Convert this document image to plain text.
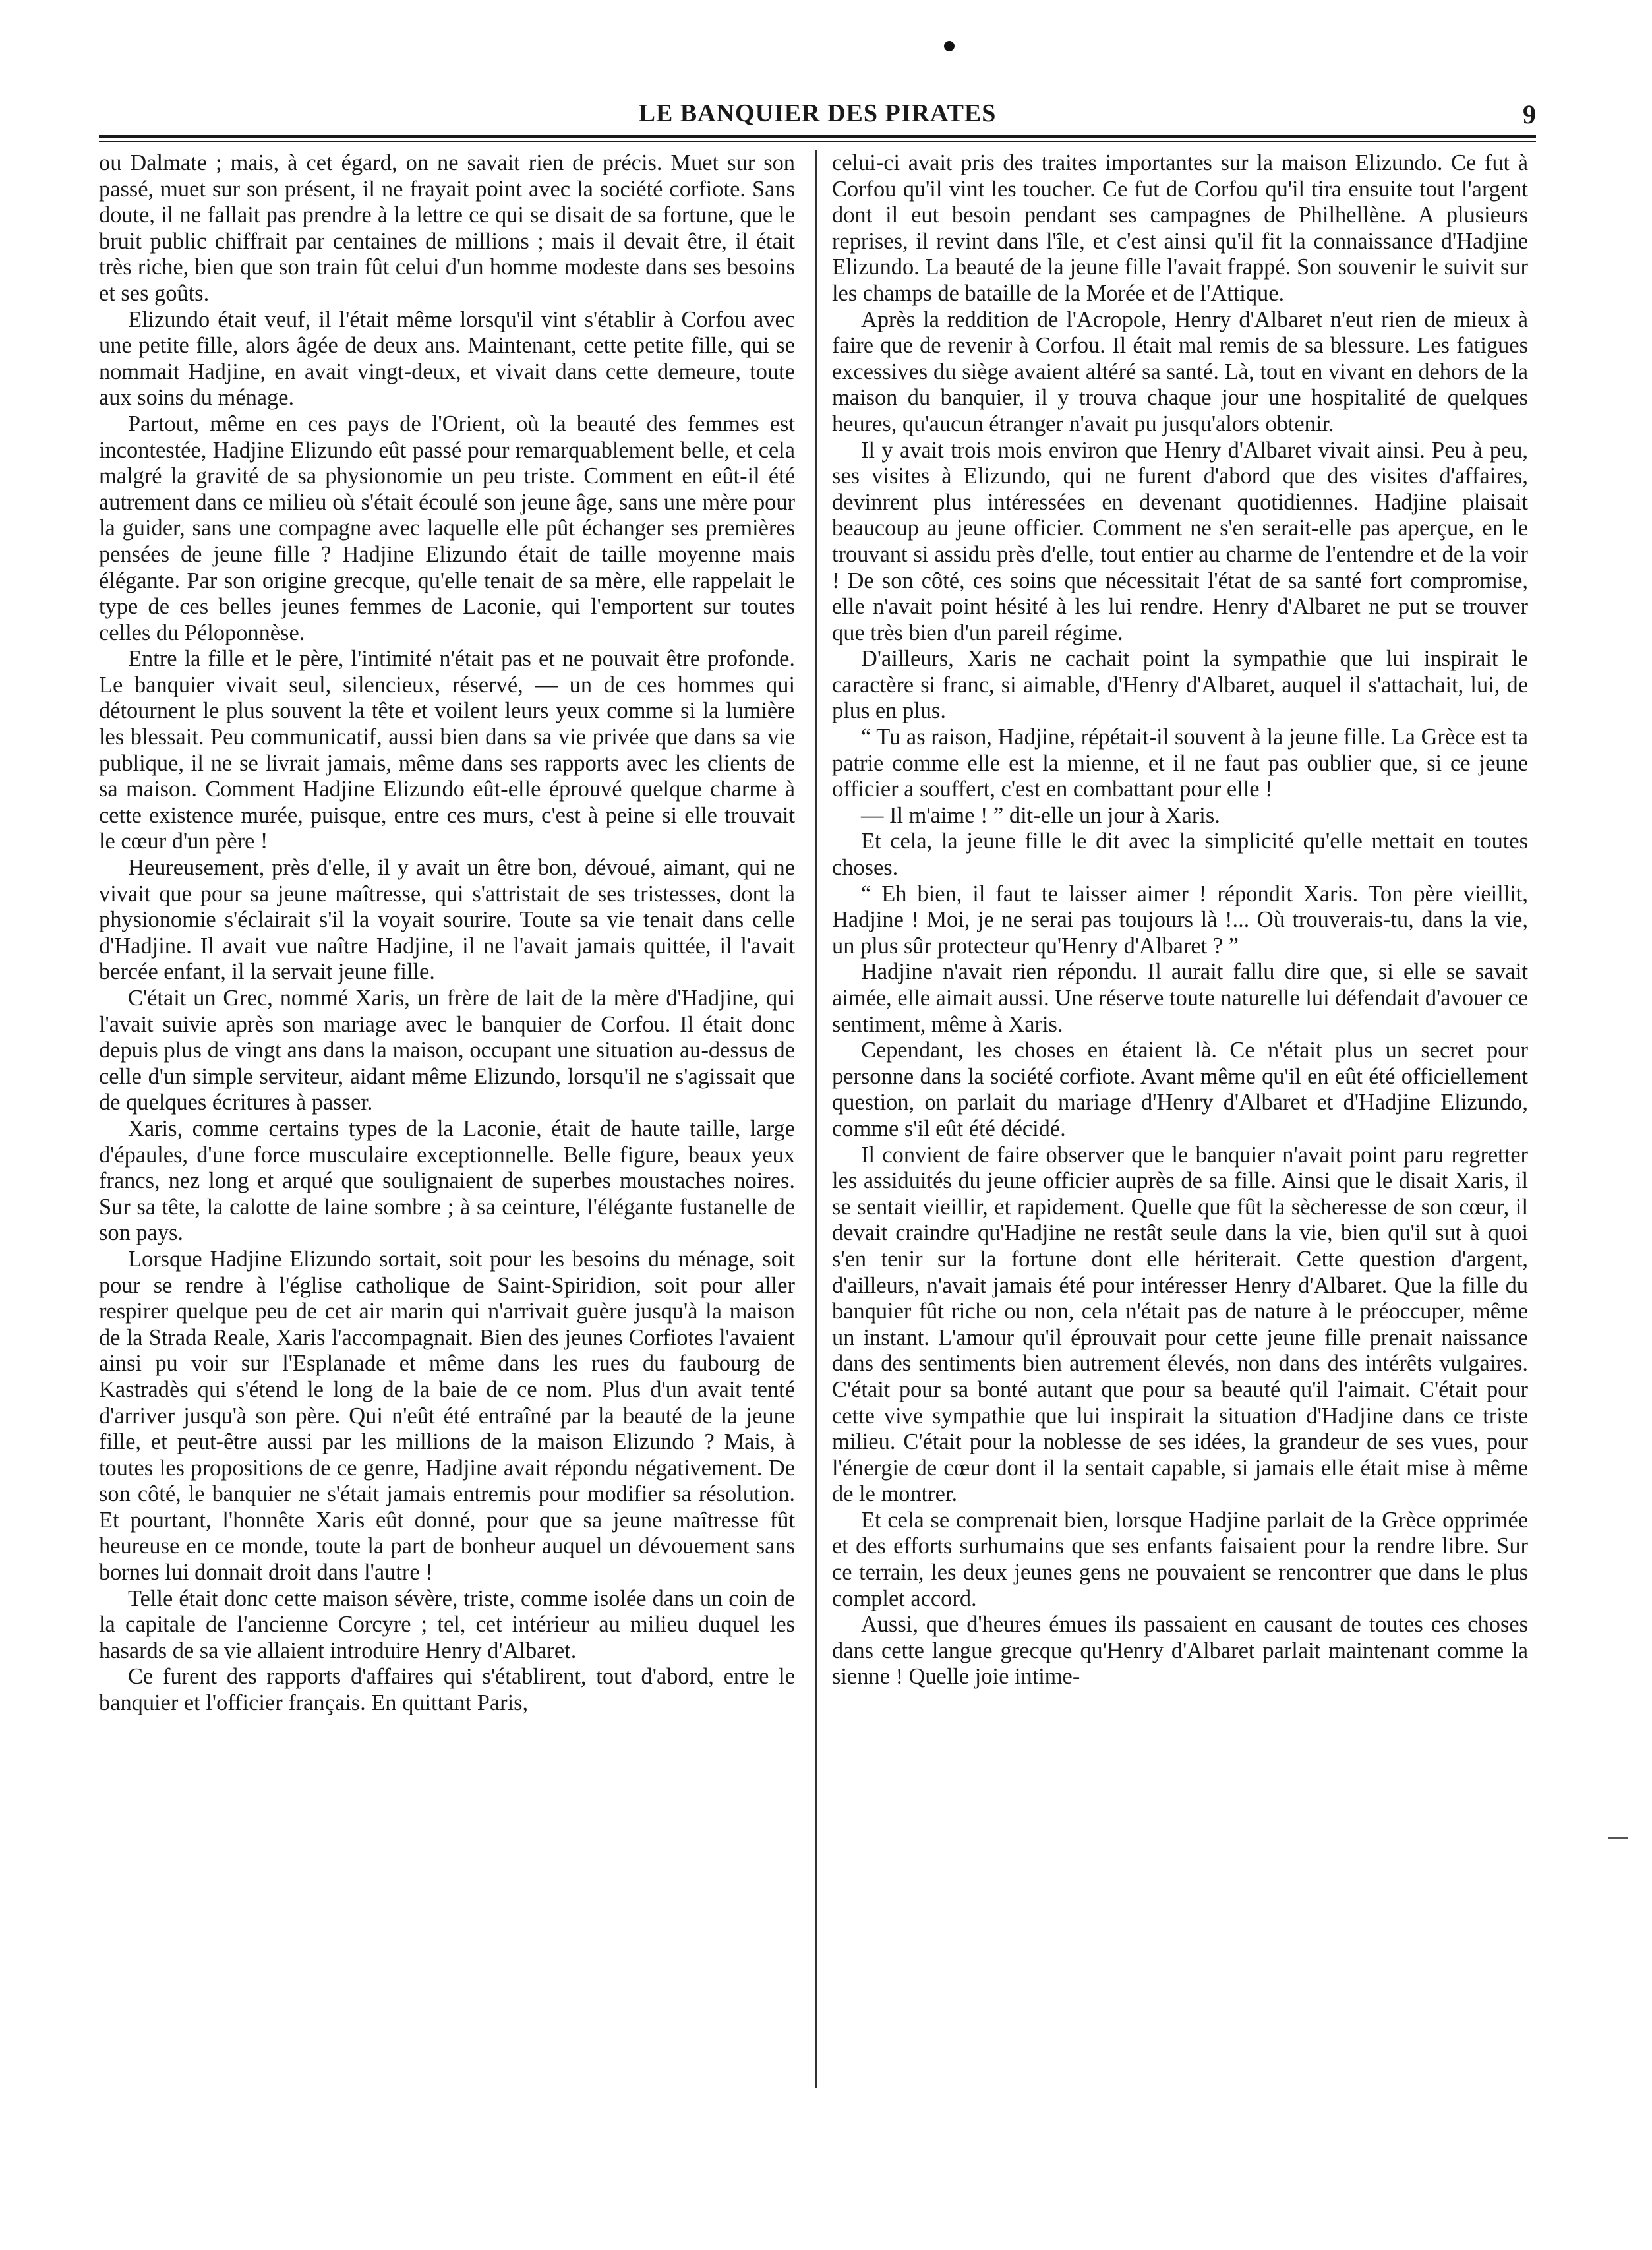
LE BANQUIER DES PIRATES	9

ou Dalmate ; mais, à cet égard, on ne savait rien de précis. Muet sur son passé, muet sur son présent, il ne frayait point avec la société corfiote. Sans doute, il ne fallait pas prendre à la lettre ce qui se disait de sa fortune, que le bruit public chiffrait par centaines de millions ; mais il devait être, il était très riche, bien que son train fût celui d'un homme modeste dans ses besoins et ses goûts.

Elizundo était veuf, il l'était même lorsqu'il vint s'établir à Corfou avec une petite fille, alors âgée de deux ans. Maintenant, cette petite fille, qui se nommait Hadjine, en avait vingt-deux, et vivait dans cette demeure, toute aux soins du ménage.

Partout, même en ces pays de l'Orient, où la beauté des femmes est incontestée, Hadjine Elizundo eût passé pour remarquablement belle, et cela malgré la gravité de sa physionomie un peu triste. Comment en eût-il été autrement dans ce milieu où s'était écoulé son jeune âge, sans une mère pour la guider, sans une compagne avec laquelle elle pût échanger ses premières pensées de jeune fille ? Hadjine Elizundo était de taille moyenne mais élégante. Par son origine grecque, qu'elle tenait de sa mère, elle rappelait le type de ces belles jeunes femmes de Laconie, qui l'emportent sur toutes celles du Péloponnèse.

Entre la fille et le père, l'intimité n'était pas et ne pouvait être profonde. Le banquier vivait seul, silencieux, réservé, — un de ces hommes qui détournent le plus souvent la tête et voilent leurs yeux comme si la lumière les blessait. Peu communicatif, aussi bien dans sa vie privée que dans sa vie publique, il ne se livrait jamais, même dans ses rapports avec les clients de sa maison. Comment Hadjine Elizundo eût-elle éprouvé quelque charme à cette existence murée, puisque, entre ces murs, c'est à peine si elle trouvait le cœur d'un père !

Heureusement, près d'elle, il y avait un être bon, dévoué, aimant, qui ne vivait que pour sa jeune maîtresse, qui s'attristait de ses tristesses, dont la physionomie s'éclairait s'il la voyait sourire. Toute sa vie tenait dans celle d'Hadjine. Il avait vue naître Hadjine, il ne l'avait jamais quittée, il l'avait bercée enfant, il la servait jeune fille.

C'était un Grec, nommé Xaris, un frère de lait de la mère d'Hadjine, qui l'avait suivie après son mariage avec le banquier de Corfou. Il était donc depuis plus de vingt ans dans la maison, occupant une situation au-dessus de celle d'un simple serviteur, aidant même Elizundo, lorsqu'il ne s'agissait que de quelques écritures à passer.

Xaris, comme certains types de la Laconie, était de haute taille, large d'épaules, d'une force musculaire exceptionnelle. Belle figure, beaux yeux francs, nez long et arqué que soulignaient de superbes moustaches noires. Sur sa tête, la calotte de laine sombre ; à sa ceinture, l'élégante fustanelle de son pays.

Lorsque Hadjine Elizundo sortait, soit pour les besoins du ménage, soit pour se rendre à l'église catholique de Saint-Spiridion, soit pour aller respirer quelque peu de cet air marin qui n'arrivait guère jusqu'à la maison de la Strada Reale, Xaris l'accompagnait. Bien des jeunes Corfiotes l'avaient ainsi pu voir sur l'Esplanade et même dans les rues du faubourg de Kastradès qui s'étend le long de la baie de ce nom. Plus d'un avait tenté d'arriver jusqu'à son père. Qui n'eût été entraîné par la beauté de la jeune fille, et peut-être aussi par les millions de la maison Elizundo ? Mais, à toutes les propositions de ce genre, Hadjine avait répondu négativement. De son côté, le banquier ne s'était jamais entremis pour modifier sa résolution. Et pourtant, l'honnête Xaris eût donné, pour que sa jeune maîtresse fût heureuse en ce monde, toute la part de bonheur auquel un dévouement sans bornes lui donnait droit dans l'autre !

Telle était donc cette maison sévère, triste, comme isolée dans un coin de la capitale de l'ancienne Corcyre ; tel, cet intérieur au milieu duquel les hasards de sa vie allaient introduire Henry d'Albaret.

Ce furent des rapports d'affaires qui s'établirent, tout d'abord, entre le banquier et l'officier français. En quittant Paris,

celui-ci avait pris des traites importantes sur la maison Elizundo. Ce fut à Corfou qu'il vint les toucher. Ce fut de Corfou qu'il tira ensuite tout l'argent dont il eut besoin pendant ses campagnes de Philhellène. A plusieurs reprises, il revint dans l'île, et c'est ainsi qu'il fit la connaissance d'Hadjine Elizundo. La beauté de la jeune fille l'avait frappé. Son souvenir le suivit sur les champs de bataille de la Morée et de l'Attique.

Après la reddition de l'Acropole, Henry d'Albaret n'eut rien de mieux à faire que de revenir à Corfou. Il était mal remis de sa blessure. Les fatigues excessives du siège avaient altéré sa santé. Là, tout en vivant en dehors de la maison du banquier, il y trouva chaque jour une hospitalité de quelques heures, qu'aucun étranger n'avait pu jusqu'alors obtenir.

Il y avait trois mois environ que Henry d'Albaret vivait ainsi. Peu à peu, ses visites à Elizundo, qui ne furent d'abord que des visites d'affaires, devinrent plus intéressées en devenant quotidiennes. Hadjine plaisait beaucoup au jeune officier. Comment ne s'en serait-elle pas aperçue, en le trouvant si assidu près d'elle, tout entier au charme de l'entendre et de la voir ! De son côté, ces soins que nécessitait l'état de sa santé fort compromise, elle n'avait point hésité à les lui rendre. Henry d'Albaret ne put se trouver que très bien d'un pareil régime.

D'ailleurs, Xaris ne cachait point la sympathie que lui inspirait le caractère si franc, si aimable, d'Henry d'Albaret, auquel il s'attachait, lui, de plus en plus.

“ Tu as raison, Hadjine, répétait-il souvent à la jeune fille. La Grèce est ta patrie comme elle est la mienne, et il ne faut pas oublier que, si ce jeune officier a souffert, c'est en combattant pour elle !

— Il m'aime ! ” dit-elle un jour à Xaris.

Et cela, la jeune fille le dit avec la simplicité qu'elle mettait en toutes choses.

“ Eh bien, il faut te laisser aimer ! répondit Xaris. Ton père vieillit, Hadjine ! Moi, je ne serai pas toujours là !... Où trouverais-tu, dans la vie, un plus sûr protecteur qu'Henry d'Albaret ? ”

Hadjine n'avait rien répondu. Il aurait fallu dire que, si elle se savait aimée, elle aimait aussi. Une réserve toute naturelle lui défendait d'avouer ce sentiment, même à Xaris.

Cependant, les choses en étaient là. Ce n'était plus un secret pour personne dans la société corfiote. Avant même qu'il en eût été officiellement question, on parlait du mariage d'Henry d'Albaret et d'Hadjine Elizundo, comme s'il eût été décidé.

Il convient de faire observer que le banquier n'avait point paru regretter les assiduités du jeune officier auprès de sa fille. Ainsi que le disait Xaris, il se sentait vieillir, et rapidement. Quelle que fût la sècheresse de son cœur, il devait craindre qu'Hadjine ne restât seule dans la vie, bien qu'il sut à quoi s'en tenir sur la fortune dont elle hériterait. Cette question d'argent, d'ailleurs, n'avait jamais été pour intéresser Henry d'Albaret. Que la fille du banquier fût riche ou non, cela n'était pas de nature à le préoccuper, même un instant. L'amour qu'il éprouvait pour cette jeune fille prenait naissance dans des sentiments bien autrement élevés, non dans des intérêts vulgaires. C'était pour sa bonté autant que pour sa beauté qu'il l'aimait. C'était pour cette vive sympathie que lui inspirait la situation d'Hadjine dans ce triste milieu. C'était pour la noblesse de ses idées, la grandeur de ses vues, pour l'énergie de cœur dont il la sentait capable, si jamais elle était mise à même de le montrer.

Et cela se comprenait bien, lorsque Hadjine parlait de la Grèce opprimée et des efforts surhumains que ses enfants faisaient pour la rendre libre. Sur ce terrain, les deux jeunes gens ne pouvaient se rencontrer que dans le plus complet accord.

Aussi, que d'heures émues ils passaient en causant de toutes ces choses dans cette langue grecque qu'Henry d'Albaret parlait maintenant comme la sienne ! Quelle joie intime-
